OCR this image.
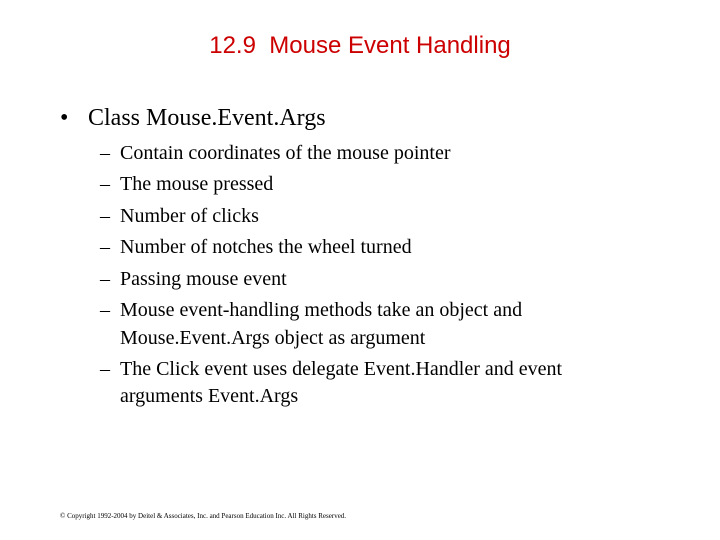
12.9  Mouse Event Handling
• Class Mouse.Event.Args
– Contain coordinates of the mouse pointer
– The mouse pressed
– Number of clicks
– Number of notches the wheel turned
– Passing mouse event
– Mouse event-handling methods take an object and
Mouse.Event.Args object as argument
– The Click event uses delegate Event.Handler and event
arguments Event.Args
© Copyright 1992-2004 by Deitel & Associates, Inc. and Pearson Education Inc. All Rights Reserved.
